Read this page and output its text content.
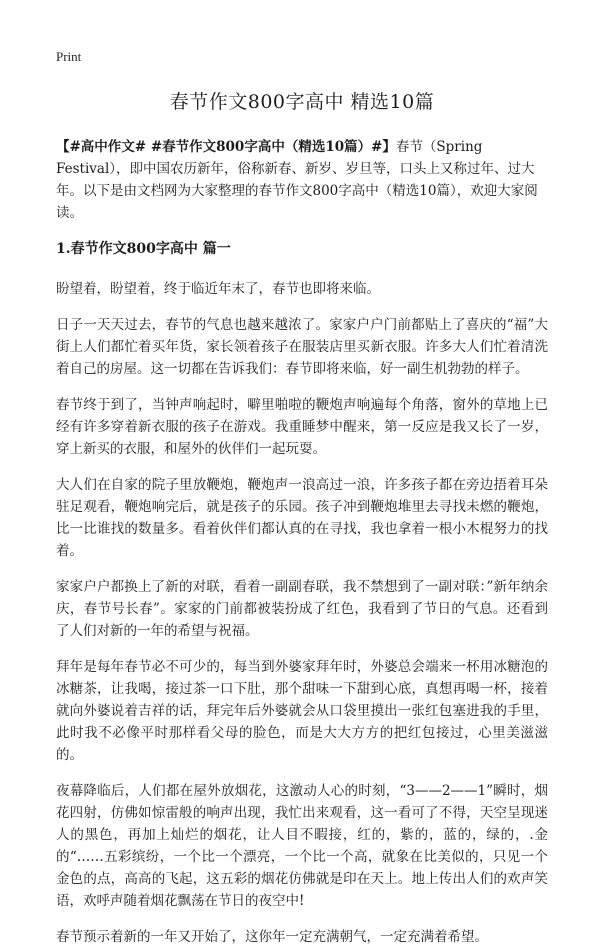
Print
春节作文800字高中 精选10篇

【#高中作文# #春节作文800字高中（精选10篇）#】春节（Spring Festival），即中国农历新年，俗称新春、新岁、岁旦等，口头上又称过年、过大年。以下是由文档网为大家整理的春节作文800字高中（精选10篇），欢迎大家阅读。

1.春节作文800字高中 篇一

盼望着，盼望着，终于临近年末了，春节也即将来临。

日子一天天过去，春节的气息也越来越浓了。家家户户门前都贴上了喜庆的“福”大街上人们都忙着买年货，家长领着孩子在服装店里买新衣服。许多大人们忙着清洗着自己的房屋。这一切都在告诉我们：春节即将来临，好一副生机勃勃的样子。

春节终于到了，当钟声响起时，噼里啪啦的鞭炮声响遍每个角落，窗外的草地上已经有许多穿着新衣服的孩子在游戏。我重睡梦中醒来，第一反应是我又长了一岁，穿上新买的衣服，和屋外的伙伴们一起玩耍。

大人们在自家的院子里放鞭炮，鞭炮声一浪高过一浪，许多孩子都在旁边捂着耳朵驻足观看，鞭炮响完后，就是孩子的乐园。孩子冲到鞭炮堆里去寻找未燃的鞭炮，比一比谁找的数量多。看着伙伴们都认真的在寻找，我也拿着一根小木棍努力的找着。

家家户户都换上了新的对联，看着一副副春联，我不禁想到了一副对联：”新年纳余庆，春节号长春”。家家的门前都被装扮成了红色，我看到了节日的气息。还看到了人们对新的一年的希望与祝福。

拜年是每年春节必不可少的，每当到外婆家拜年时，外婆总会端来一杯用冰糖泡的冰糖茶，让我喝，接过茶一口下肚，那个甜味一下甜到心底，真想再喝一杯，接着就向外婆说着吉祥的话，拜完年后外婆就会从口袋里摸出一张红包塞进我的手里，此时我不必像平时那样看父母的脸色，而是大大方方的把红包接过，心里美滋滋的。

夜幕降临后，人们都在屋外放烟花，这激动人心的时刻，“3——2——1”瞬时，烟花四射，仿佛如惊雷般的响声出现，我忙出来观看，这一看可了不得，天空呈现迷人的黑色，再加上灿烂的烟花，让人目不暇接，红的，紫的，蓝的，绿的，.金的“……五彩缤纷，一个比一个漂亮，一个比一个高，就象在比美似的，只见一个金色的点，高高的飞起，这五彩的烟花仿佛就是印在天上。地上传出人们的欢声笑语，欢呼声随着烟花飘荡在节日的夜空中!

春节预示着新的一年又开始了，这你年一定充满朝气，一定充满着希望。
